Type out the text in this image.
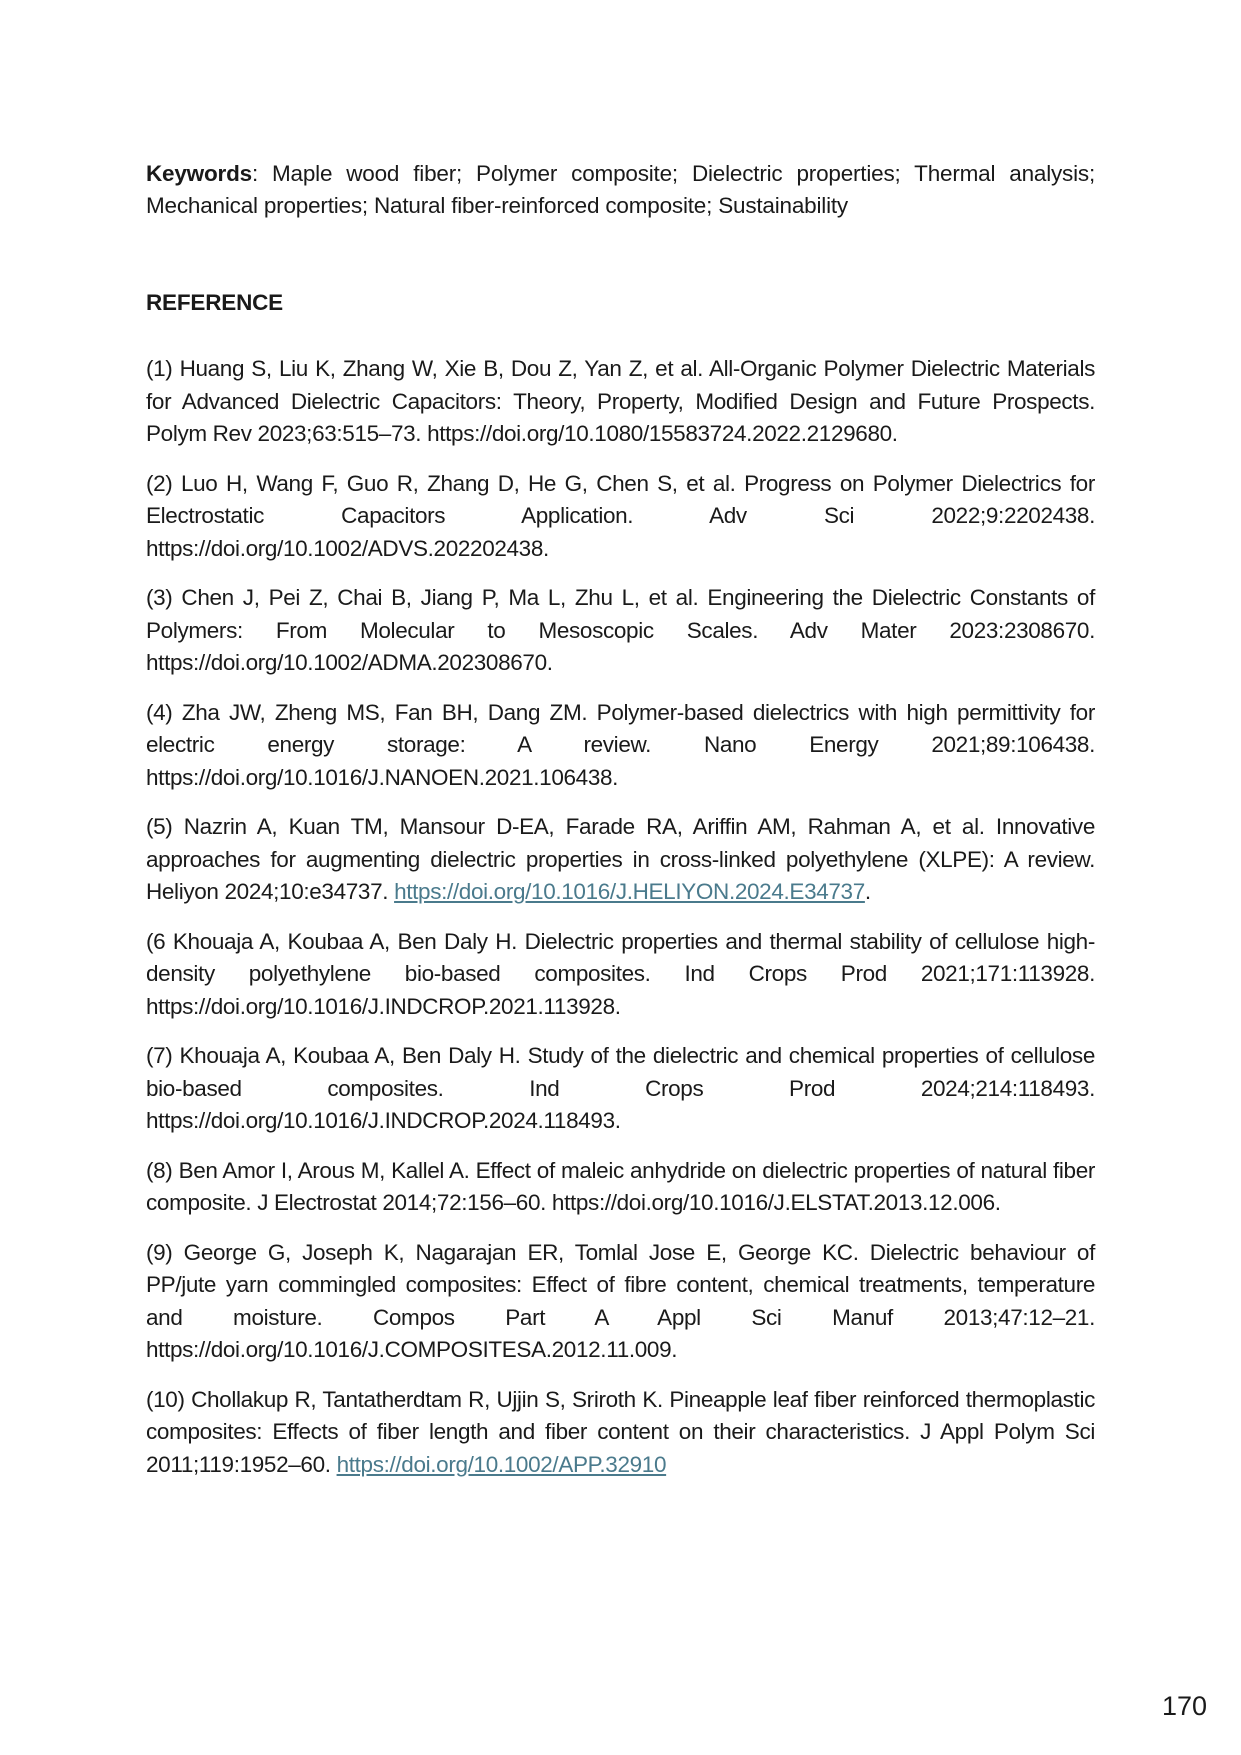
Keywords: Maple wood fiber; Polymer composite; Dielectric properties; Thermal analysis; Mechanical properties; Natural fiber-reinforced composite; Sustainability

REFERENCE
(1) Huang S, Liu K, Zhang W, Xie B, Dou Z, Yan Z, et al. All-Organic Polymer Dielectric Materials for Advanced Dielectric Capacitors: Theory, Property, Modified Design and Future Prospects. Polym Rev 2023;63:515–73. https://doi.org/10.1080/15583724.2022.2129680.
(2) Luo H, Wang F, Guo R, Zhang D, He G, Chen S, et al. Progress on Polymer Dielectrics for Electrostatic Capacitors Application. Adv Sci 2022;9:2202438. https://doi.org/10.1002/ADVS.202202438.
(3) Chen J, Pei Z, Chai B, Jiang P, Ma L, Zhu L, et al. Engineering the Dielectric Constants of Polymers: From Molecular to Mesoscopic Scales. Adv Mater 2023:2308670. https://doi.org/10.1002/ADMA.202308670.
(4) Zha JW, Zheng MS, Fan BH, Dang ZM. Polymer-based dielectrics with high permittivity for electric energy storage: A review. Nano Energy 2021;89:106438. https://doi.org/10.1016/J.NANOEN.2021.106438.
(5) Nazrin A, Kuan TM, Mansour D-EA, Farade RA, Ariffin AM, Rahman A, et al. Innovative approaches for augmenting dielectric properties in cross-linked polyethylene (XLPE): A review. Heliyon 2024;10:e34737. https://doi.org/10.1016/J.HELIYON.2024.E34737.
(6 Khouaja A, Koubaa A, Ben Daly H. Dielectric properties and thermal stability of cellulose high-density polyethylene bio-based composites. Ind Crops Prod 2021;171:113928. https://doi.org/10.1016/J.INDCROP.2021.113928.
(7) Khouaja A, Koubaa A, Ben Daly H. Study of the dielectric and chemical properties of cellulose bio-based composites. Ind Crops Prod 2024;214:118493. https://doi.org/10.1016/J.INDCROP.2024.118493.
(8) Ben Amor I, Arous M, Kallel A. Effect of maleic anhydride on dielectric properties of natural fiber composite. J Electrostat 2014;72:156–60. https://doi.org/10.1016/J.ELSTAT.2013.12.006.
(9) George G, Joseph K, Nagarajan ER, Tomlal Jose E, George KC. Dielectric behaviour of PP/jute yarn commingled composites: Effect of fibre content, chemical treatments, temperature and moisture. Compos Part A Appl Sci Manuf 2013;47:12–21. https://doi.org/10.1016/J.COMPOSITESA.2012.11.009.
(10) Chollakup R, Tantatherdtam R, Ujjin S, Sriroth K. Pineapple leaf fiber reinforced thermoplastic composites: Effects of fiber length and fiber content on their characteristics. J Appl Polym Sci 2011;119:1952–60. https://doi.org/10.1002/APP.32910
170
